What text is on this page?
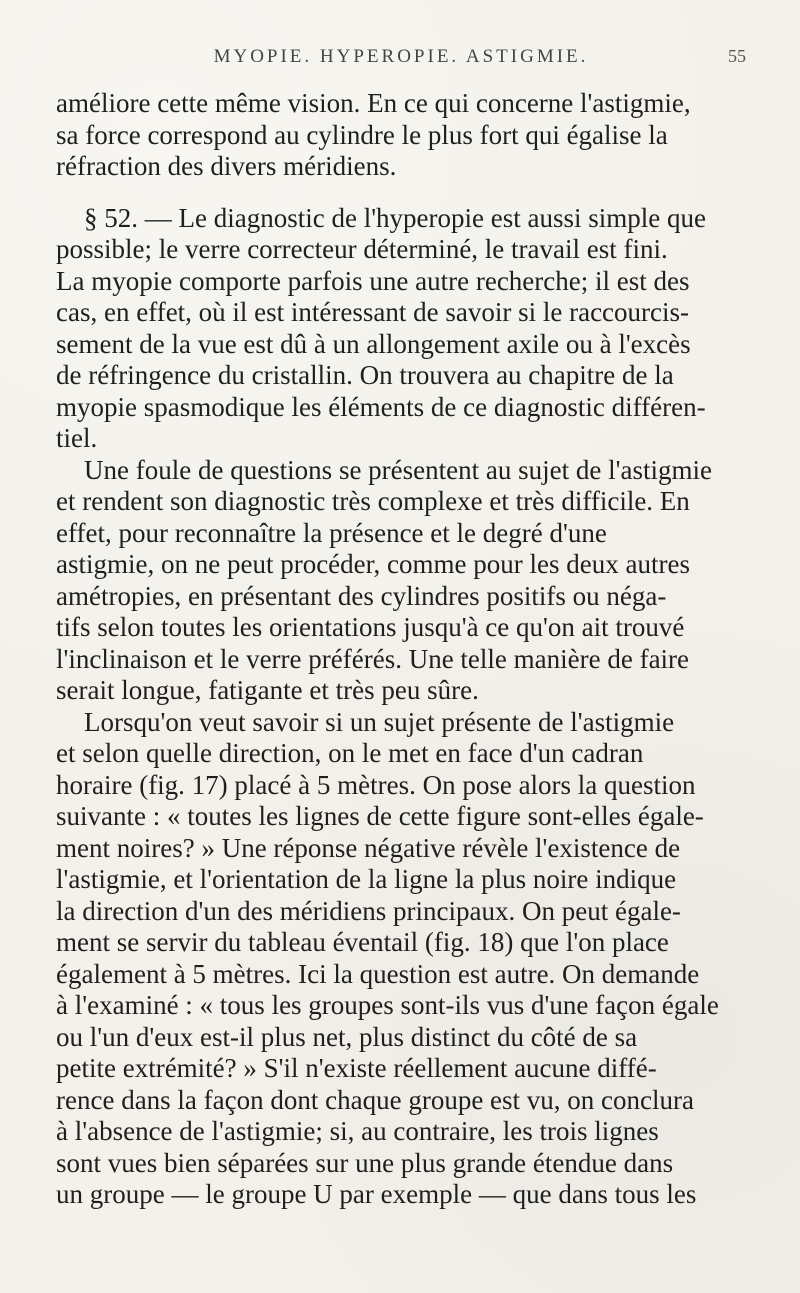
MYOPIE. HYPEROPIE. ASTIGMIE.	55

améliore cette même vision. En ce qui concerne l'astigmie,

sa force correspond au cylindre le plus fort qui égalise la

réfraction des divers méridiens.

§ 52. — Le diagnostic de l'hyperopie est aussi simple que

possible; le verre correcteur déterminé, le travail est fini.

La myopie comporte parfois une autre recherche; il est des

cas, en effet, où il est intéressant de savoir si le raccourcis-

sement de la vue est dû à un allongement axile ou à l'excès

de réfringence du cristallin. On trouvera au chapitre de la

myopie spasmodique les éléments de ce diagnostic différen-

tiel.

Une foule de questions se présentent au sujet de l'astigmie

et rendent son diagnostic très complexe et très difficile. En

effet, pour reconnaître la présence et le degré d'une

astigmie, on ne peut procéder, comme pour les deux autres

amétropies, en présentant des cylindres positifs ou néga-

tifs selon toutes les orientations jusqu'à ce qu'on ait trouvé

l'inclinaison et le verre préférés. Une telle manière de faire

serait longue, fatigante et très peu sûre.

Lorsqu'on veut savoir si un sujet présente de l'astigmie

et selon quelle direction, on le met en face d'un cadran

horaire (fig. 17) placé à 5 mètres. On pose alors la question

suivante : « toutes les lignes de cette figure sont-elles égale-

ment noires? » Une réponse négative révèle l'existence de

l'astigmie, et l'orientation de la ligne la plus noire indique

la direction d'un des méridiens principaux. On peut égale-

ment se servir du tableau éventail (fig. 18) que l'on place

également à 5 mètres. Ici la question est autre. On demande

à l'examiné : « tous les groupes sont-ils vus d'une façon égale

ou l'un d'eux est-il plus net, plus distinct du côté de sa

petite extrémité? » S'il n'existe réellement aucune diffé-

rence dans la façon dont chaque groupe est vu, on conclura

à l'absence de l'astigmie; si, au contraire, les trois lignes

sont vues bien séparées sur une plus grande étendue dans

un groupe — le groupe U par exemple — que dans tous les
